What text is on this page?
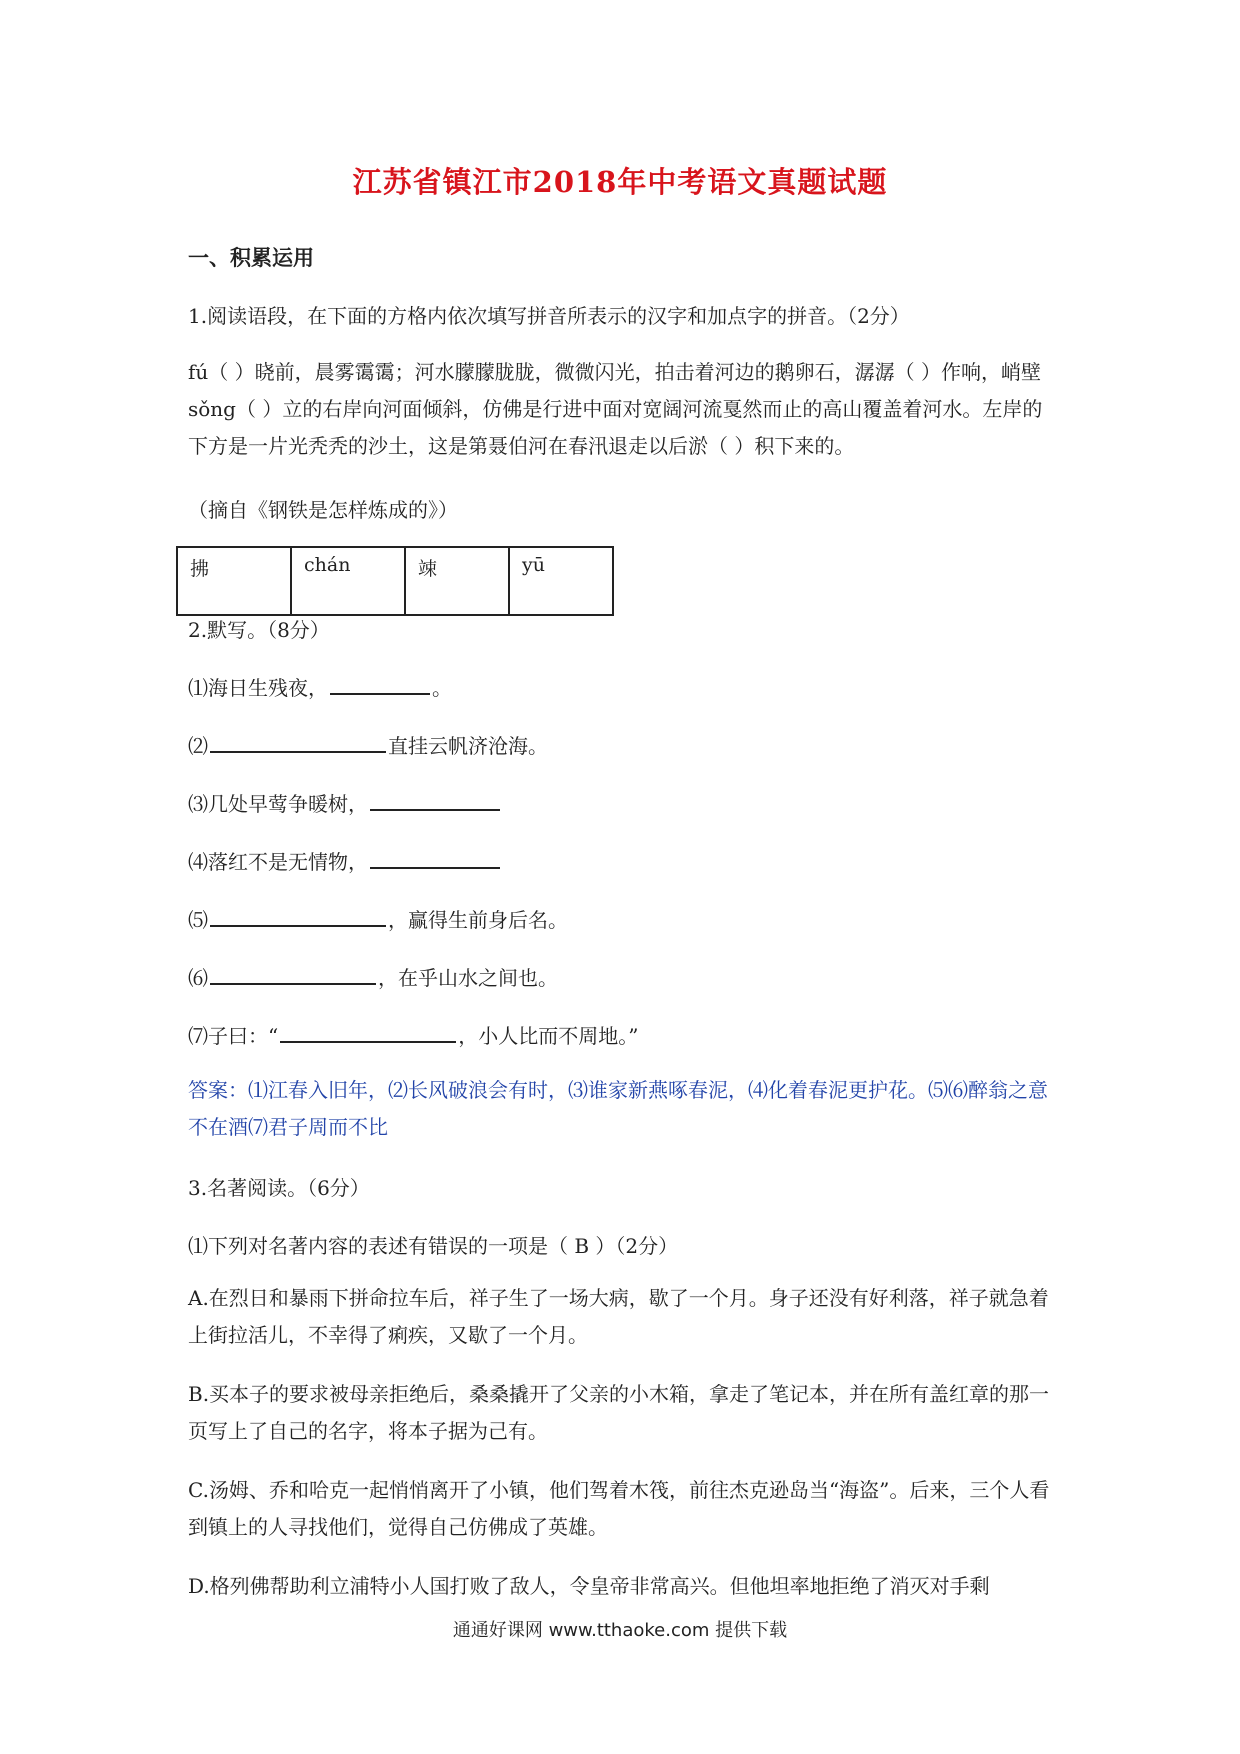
江苏省镇江市2018年中考语文真题试题
一、积累运用
1.阅读语段，在下面的方格内依次填写拼音所表示的汉字和加点字的拼音。（2分）
fú（ ）晓前，晨雾霭霭；河水朦朦胧胧，微微闪光，拍击着河边的鹅卵石，潺潺（ ）作响，峭壁 sǒng（ ）立的右岸向河面倾斜，仿佛是行进中面对宽阔河流戛然而止的高山覆盖着河水。左岸的下方是一片光秃秃的沙土，这是第聂伯河在春汛退走以后淤（ ）积下来的。
（摘自《钢铁是怎样炼成的》）
拂	chán	竦	yū
2.默写。（8分）
⑴海日生残夜，	。
⑵	直挂云帆济沧海。
⑶几处早莺争暖树，
⑷落红不是无情物，
⑸	，赢得生前身后名。
⑹	，在乎山水之间也。
⑺子曰：“	，小人比而不周地。”
答案：⑴江春入旧年，⑵长风破浪会有时，⑶谁家新燕啄春泥，⑷化着春泥更护花。⑸⑹醉翁之意不在酒⑺君子周而不比
3.名著阅读。（6分）
⑴下列对名著内容的表述有错误的一项是（ B ）（2分）
A.在烈日和暴雨下拼命拉车后，祥子生了一场大病，歇了一个月。身子还没有好利落，祥子就急着上街拉活儿，不幸得了痢疾，又歇了一个月。
B.买本子的要求被母亲拒绝后，桑桑撬开了父亲的小木箱，拿走了笔记本，并在所有盖红章的那一页写上了自己的名字，将本子据为己有。
C.汤姆、乔和哈克一起悄悄离开了小镇，他们驾着木筏，前往杰克逊岛当“海盗”。后来，三个人看到镇上的人寻找他们，觉得自己仿佛成了英雄。
D.格列佛帮助利立浦特小人国打败了敌人，令皇帝非常高兴。但他坦率地拒绝了消灭对手剩
通通好课网 www.tthaoke.com 提供下载
